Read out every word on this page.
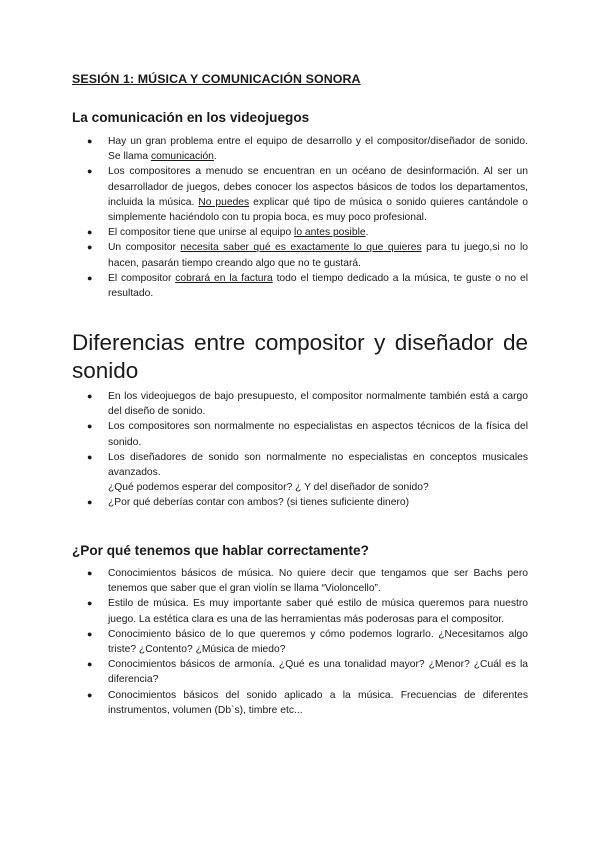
SESIÓN 1: MÚSICA Y COMUNICACIÓN SONORA
La comunicación en los videojuegos
● Hay un gran problema entre el equipo de desarrollo y el compositor/diseñador de sonido. Se llama comunicación.
● Los compositores a menudo se encuentran en un océano de desinformación. Al ser un desarrollador de juegos, debes conocer los aspectos básicos de todos los departamentos, incluida la música. No puedes explicar qué tipo de música o sonido quieres cantándole o simplemente haciéndolo con tu propia boca, es muy poco profesional.
● El compositor tiene que unirse al equipo lo antes posible.
● Un compositor necesita saber qué es exactamente lo que quieres para tu juego,si no lo hacen, pasarán tiempo creando algo que no te gustará.
● El compositor cobrará en la factura todo el tiempo dedicado a la música, te guste o no el resultado.
Diferencias entre compositor y diseñador de sonido
● En los videojuegos de bajo presupuesto, el compositor normalmente también está a cargo del diseño de sonido.
● Los compositores son normalmente no especialistas en aspectos técnicos de la física del sonido.
● Los diseñadores de sonido son normalmente no especialistas en conceptos musicales avanzados.
¿Qué podemos esperar del compositor? ¿ Y del diseñador de sonido?
● ¿Por qué deberías contar con ambos? (si tienes suficiente dinero)
¿Por qué tenemos que hablar correctamente?
● Conocimientos básicos de música. No quiere decir que tengamos que ser Bachs pero tenemos que saber que el gran violín se llama “Violoncello”.
● Estilo de música. Es muy importante saber qué estilo de música queremos para nuestro juego. La estética clara es una de las herramientas más poderosas para el compositor.
● Conocimiento básico de lo que queremos y cómo podemos lograrlo. ¿Necesitamos algo triste? ¿Contento? ¿Música de miedo?
● Conocimientos básicos de armonía. ¿Qué es una tonalidad mayor? ¿Menor? ¿Cuál es la diferencia?
● Conocimientos básicos del sonido aplicado a la música. Frecuencias de diferentes instrumentos, volumen (Db`s), timbre etc...
